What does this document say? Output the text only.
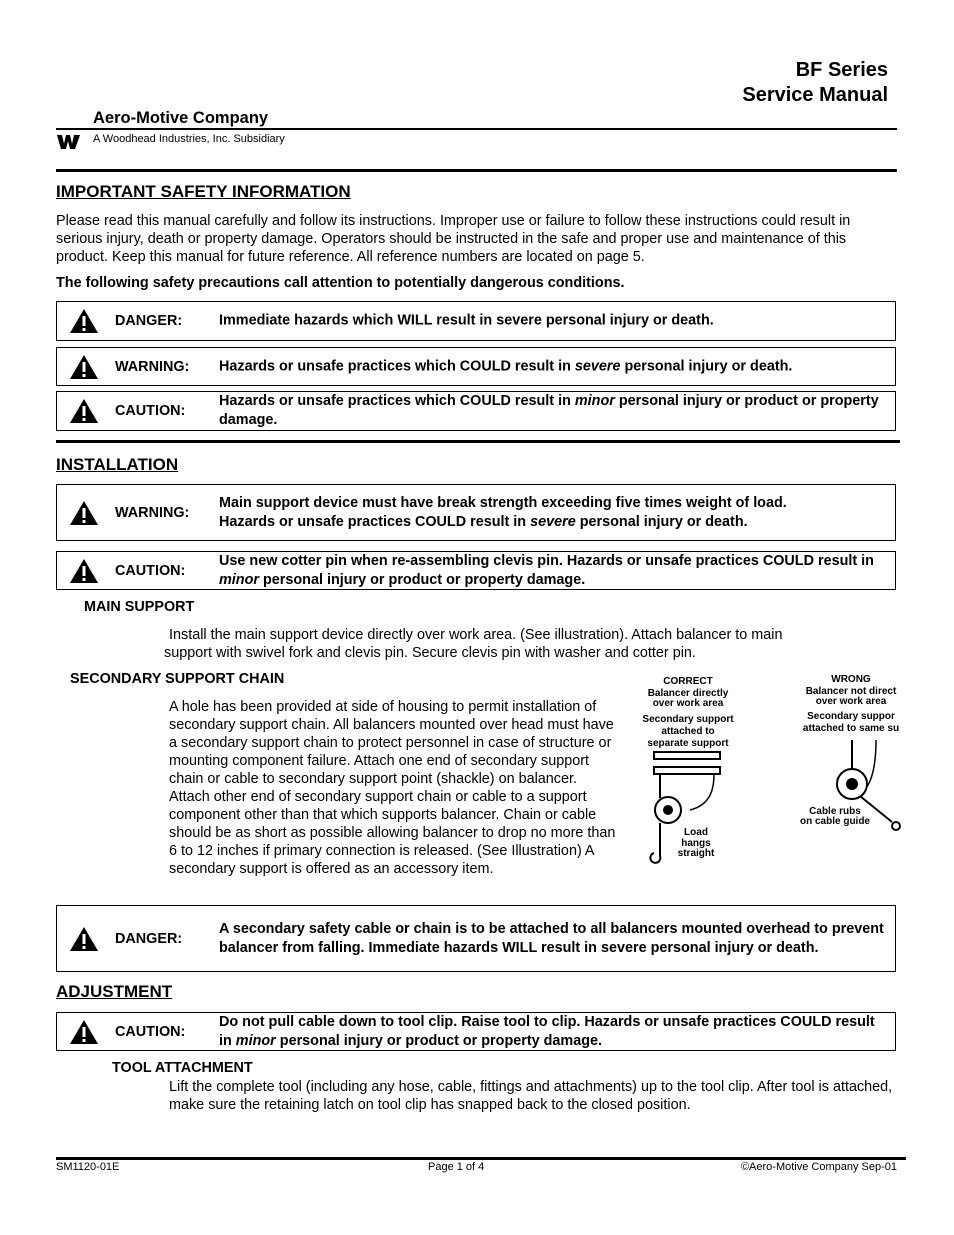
BF Series
Service Manual
Aero-Motive Company
A Woodhead Industries, Inc. Subsidiary
IMPORTANT SAFETY INFORMATION
Please read this manual carefully and follow its instructions. Improper use or failure to follow these instructions could result in serious injury, death or property damage. Operators should be instructed in the safe and proper use and maintenance of this product. Keep this manual for future reference. All reference numbers are located on page 5.
The following safety precautions call attention to potentially dangerous conditions.
DANGER:	Immediate hazards which WILL result in severe personal injury or death.
WARNING: Hazards or unsafe practices which COULD result in severe personal injury or death.
CAUTION:
Hazards or unsafe practices which COULD result in minor personal injury or product or property damage.
INSTALLATION
WARNING:
Main support device must have break strength exceeding five times weight of load.
Hazards or unsafe practices COULD result in severe personal injury or death.
CAUTION:
Use new cotter pin when re-assembling clevis pin. Hazards or unsafe practices COULD result in minor personal injury or product or property damage.
MAIN SUPPORT
Install the main support device directly over work area. (See illustration). Attach balancer to main
support with swivel fork and clevis pin. Secure clevis pin with washer and cotter pin.
SECONDARY SUPPORT CHAIN
A hole has been provided at side of housing to permit installation of secondary support chain. All balancers mounted over head must have a secondary support chain to protect personnel in case of structure or mounting component failure. Attach one end of secondary support chain or cable to secondary support point (shackle) on balancer. Attach other end of secondary support chain or cable to a support component other than that which supports balancer. Chain or cable should be as short as possible allowing balancer to drop no more than 6 to 12 inches if primary connection is released. (See Illustration) A secondary support is offered as an accessory item.
CORRECT
Balancer directly
over work area
Secondary support
attached to
separate support
Load
hangs
straight
WRONG
Balancer not direct
over work area
Secondary suppor
attached to same su
Cable rubs
on cable guide
DANGER:
A secondary safety cable or chain is to be attached to all balancers mounted overhead to prevent balancer from falling. Immediate hazards WILL result in severe personal injury or death.
ADJUSTMENT
CAUTION:
Do not pull cable down to tool clip. Raise tool to clip. Hazards or unsafe practices COULD result in minor personal injury or product or property damage.
TOOL ATTACHMENT
Lift the complete tool (including any hose, cable, fittings and attachments) up to the tool clip. After tool is attached, make sure the retaining latch on tool clip has snapped back to the closed position.
SM1120-01E	Page 1 of 4	©Aero-Motive Company Sep-01
